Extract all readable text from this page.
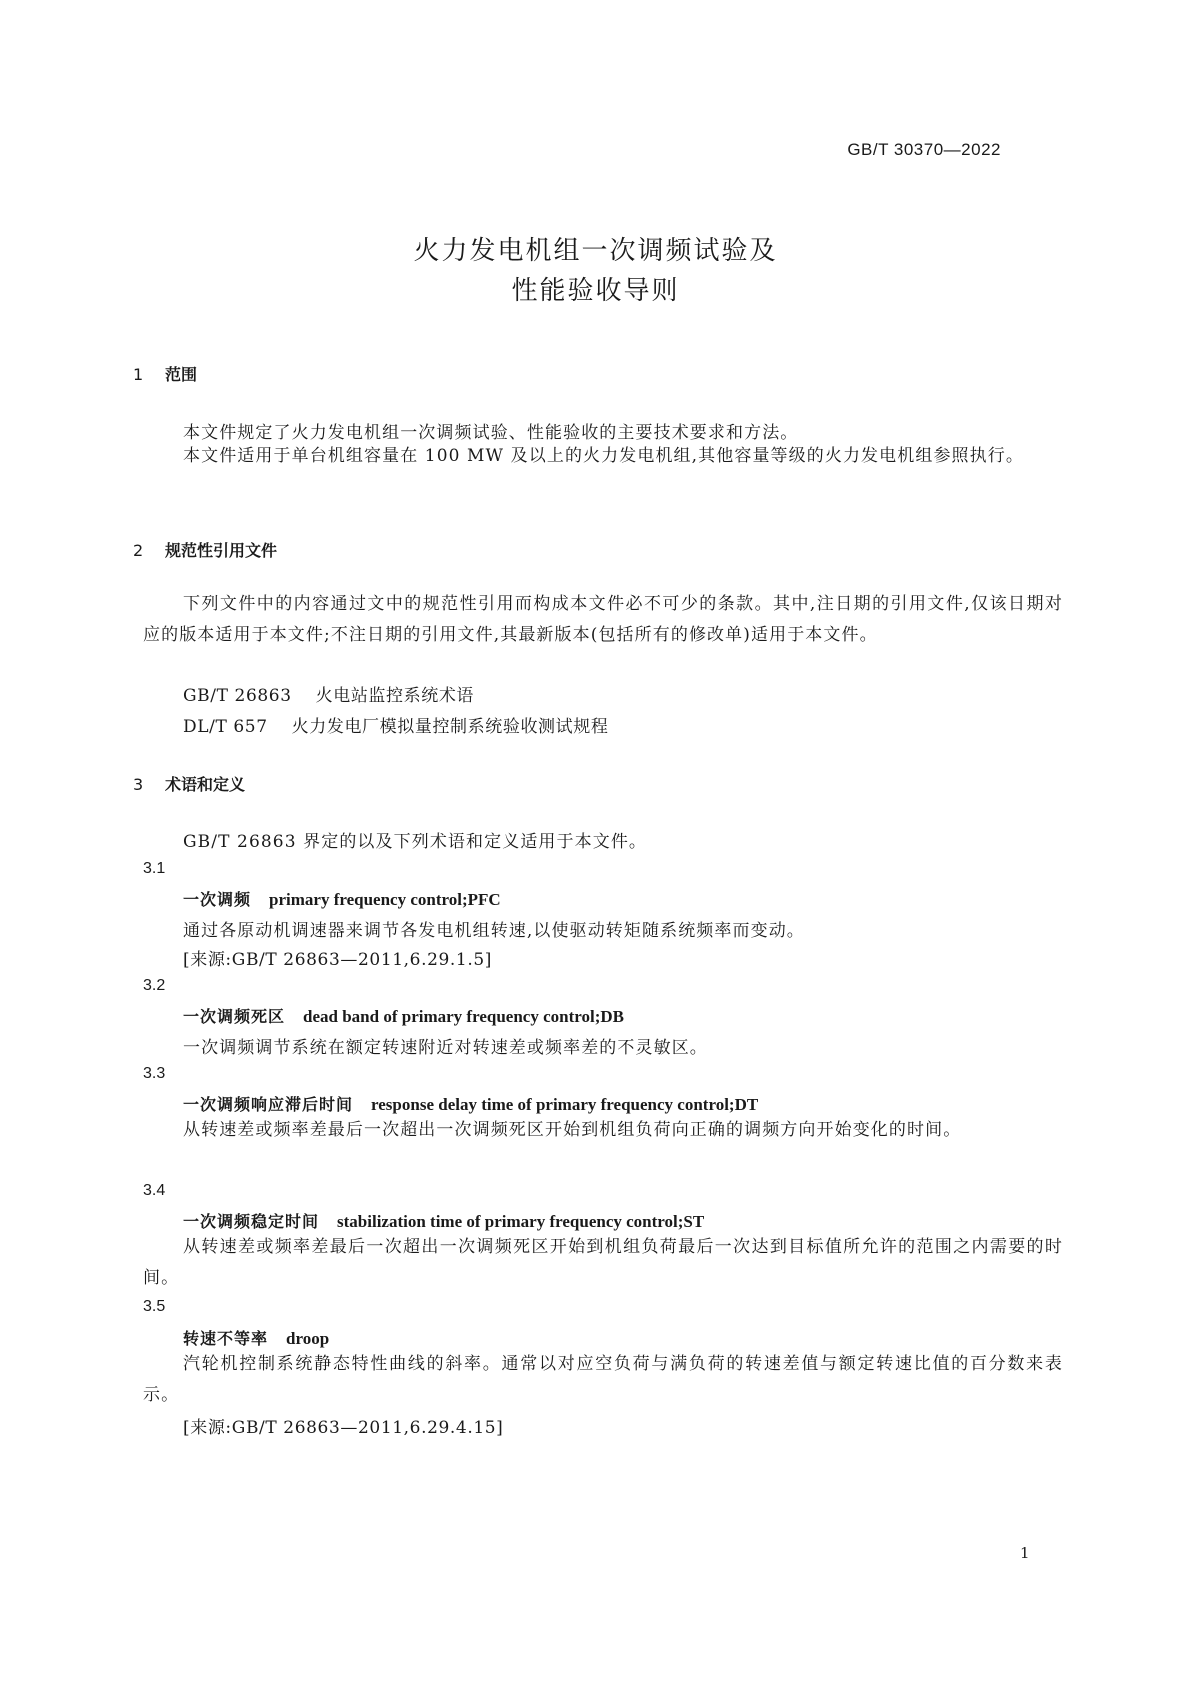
GB/T 30370—2022
火力发电机组一次调频试验及
性能验收导则
1 范围
本文件规定了火力发电机组一次调频试验、性能验收的主要技术要求和方法。
本文件适用于单台机组容量在 100 MW 及以上的火力发电机组,其他容量等级的火力发电机组参照执行。
2 规范性引用文件
下列文件中的内容通过文中的规范性引用而构成本文件必不可少的条款。其中,注日期的引用文件,仅该日期对应的版本适用于本文件;不注日期的引用文件,其最新版本(包括所有的修改单)适用于本文件。
GB/T 26863 火电站监控系统术语
DL/T 657 火力发电厂模拟量控制系统验收测试规程
3 术语和定义
GB/T 26863 界定的以及下列术语和定义适用于本文件。
3.1
一次调频 primary frequency control;PFC
通过各原动机调速器来调节各发电机组转速,以使驱动转矩随系统频率而变动。
[来源:GB/T 26863—2011,6.29.1.5]
3.2
一次调频死区 dead band of primary frequency control;DB
一次调频调节系统在额定转速附近对转速差或频率差的不灵敏区。
3.3
一次调频响应滞后时间 response delay time of primary frequency control;DT
从转速差或频率差最后一次超出一次调频死区开始到机组负荷向正确的调频方向开始变化的时间。
3.4
一次调频稳定时间 stabilization time of primary frequency control;ST
从转速差或频率差最后一次超出一次调频死区开始到机组负荷最后一次达到目标值所允许的范围之内需要的时间。
3.5
转速不等率 droop
汽轮机控制系统静态特性曲线的斜率。通常以对应空负荷与满负荷的转速差值与额定转速比值的百分数来表示。
[来源:GB/T 26863—2011,6.29.4.15]
1
